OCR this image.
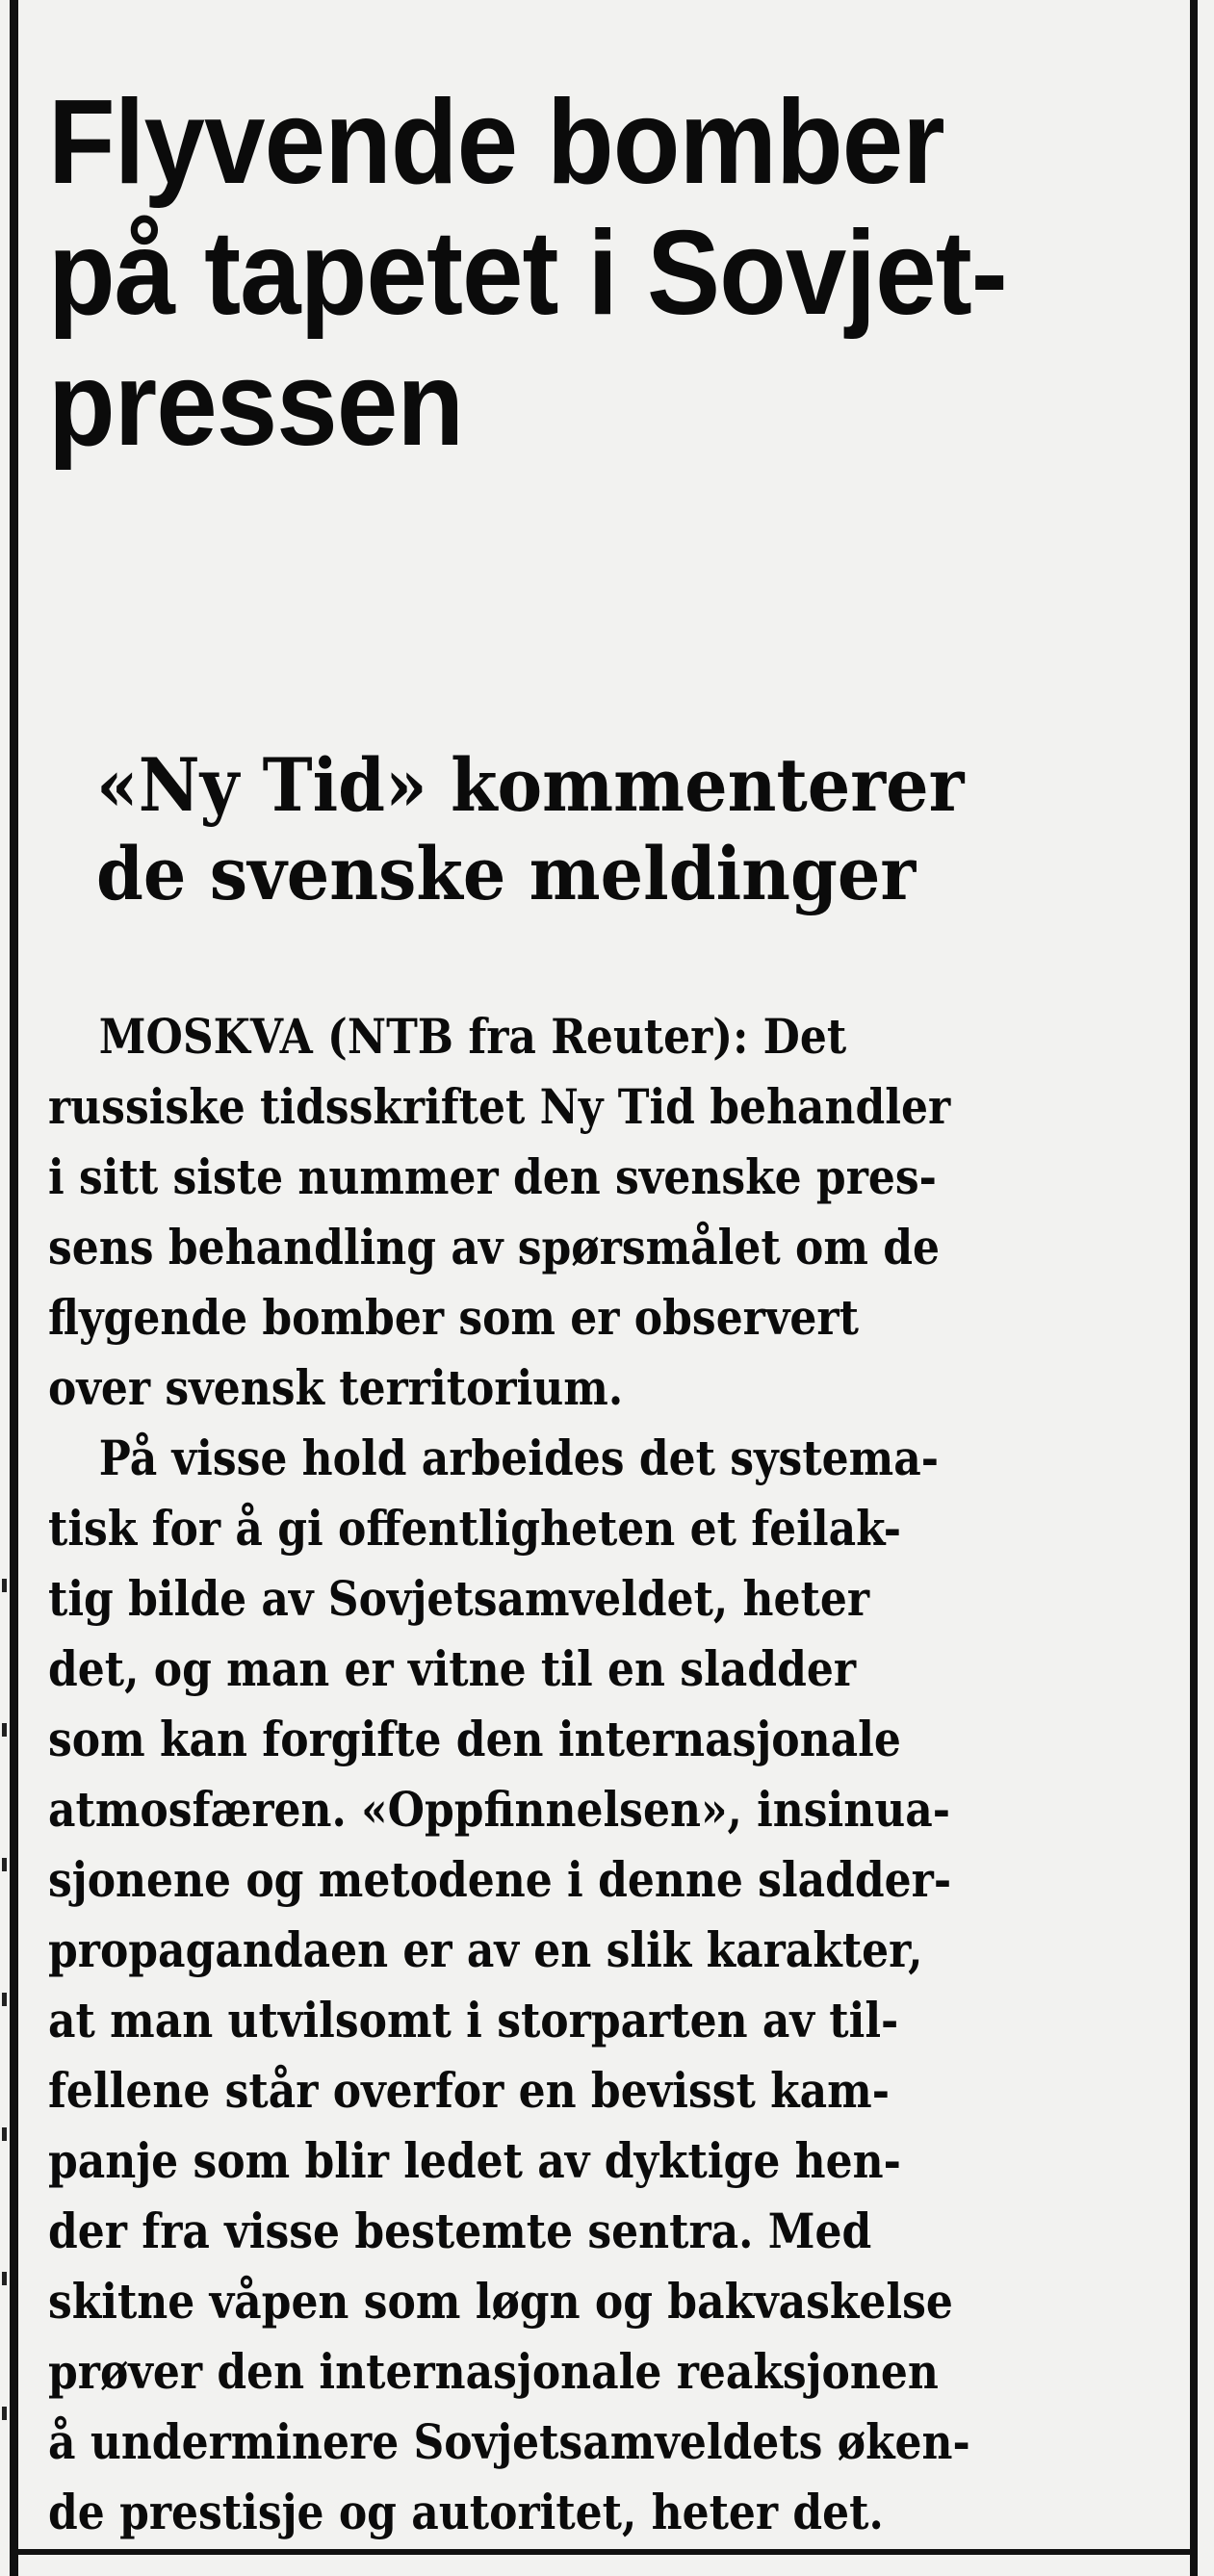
Flyvende bomber
på tapetet i Sovjet-
pressen
«Ny Tid» kommenterer
de svenske meldinger
MOSKVA (NTB fra Reuter): Det
russiske tidsskriftet Ny Tid behandler
i sitt siste nummer den svenske pres-
sens behandling av spørsmålet om de
flygende bomber som er observert
over svensk territorium.
På visse hold arbeides det systema-
tisk for å gi offentligheten et feilak-
tig bilde av Sovjetsamveldet, heter
det, og man er vitne til en sladder
som kan forgifte den internasjonale
atmosfæren. «Oppfinnelsen», insinua-
sjonene og metodene i denne sladder-
propagandaen er av en slik karakter,
at man utvilsomt i storparten av til-
fellene står overfor en bevisst kam-
panje som blir ledet av dyktige hen-
der fra visse bestemte sentra. Med
skitne våpen som løgn og bakvaskelse
prøver den internasjonale reaksjonen
å underminere Sovjetsamveldets øken-
de prestisje og autoritet, heter det.
